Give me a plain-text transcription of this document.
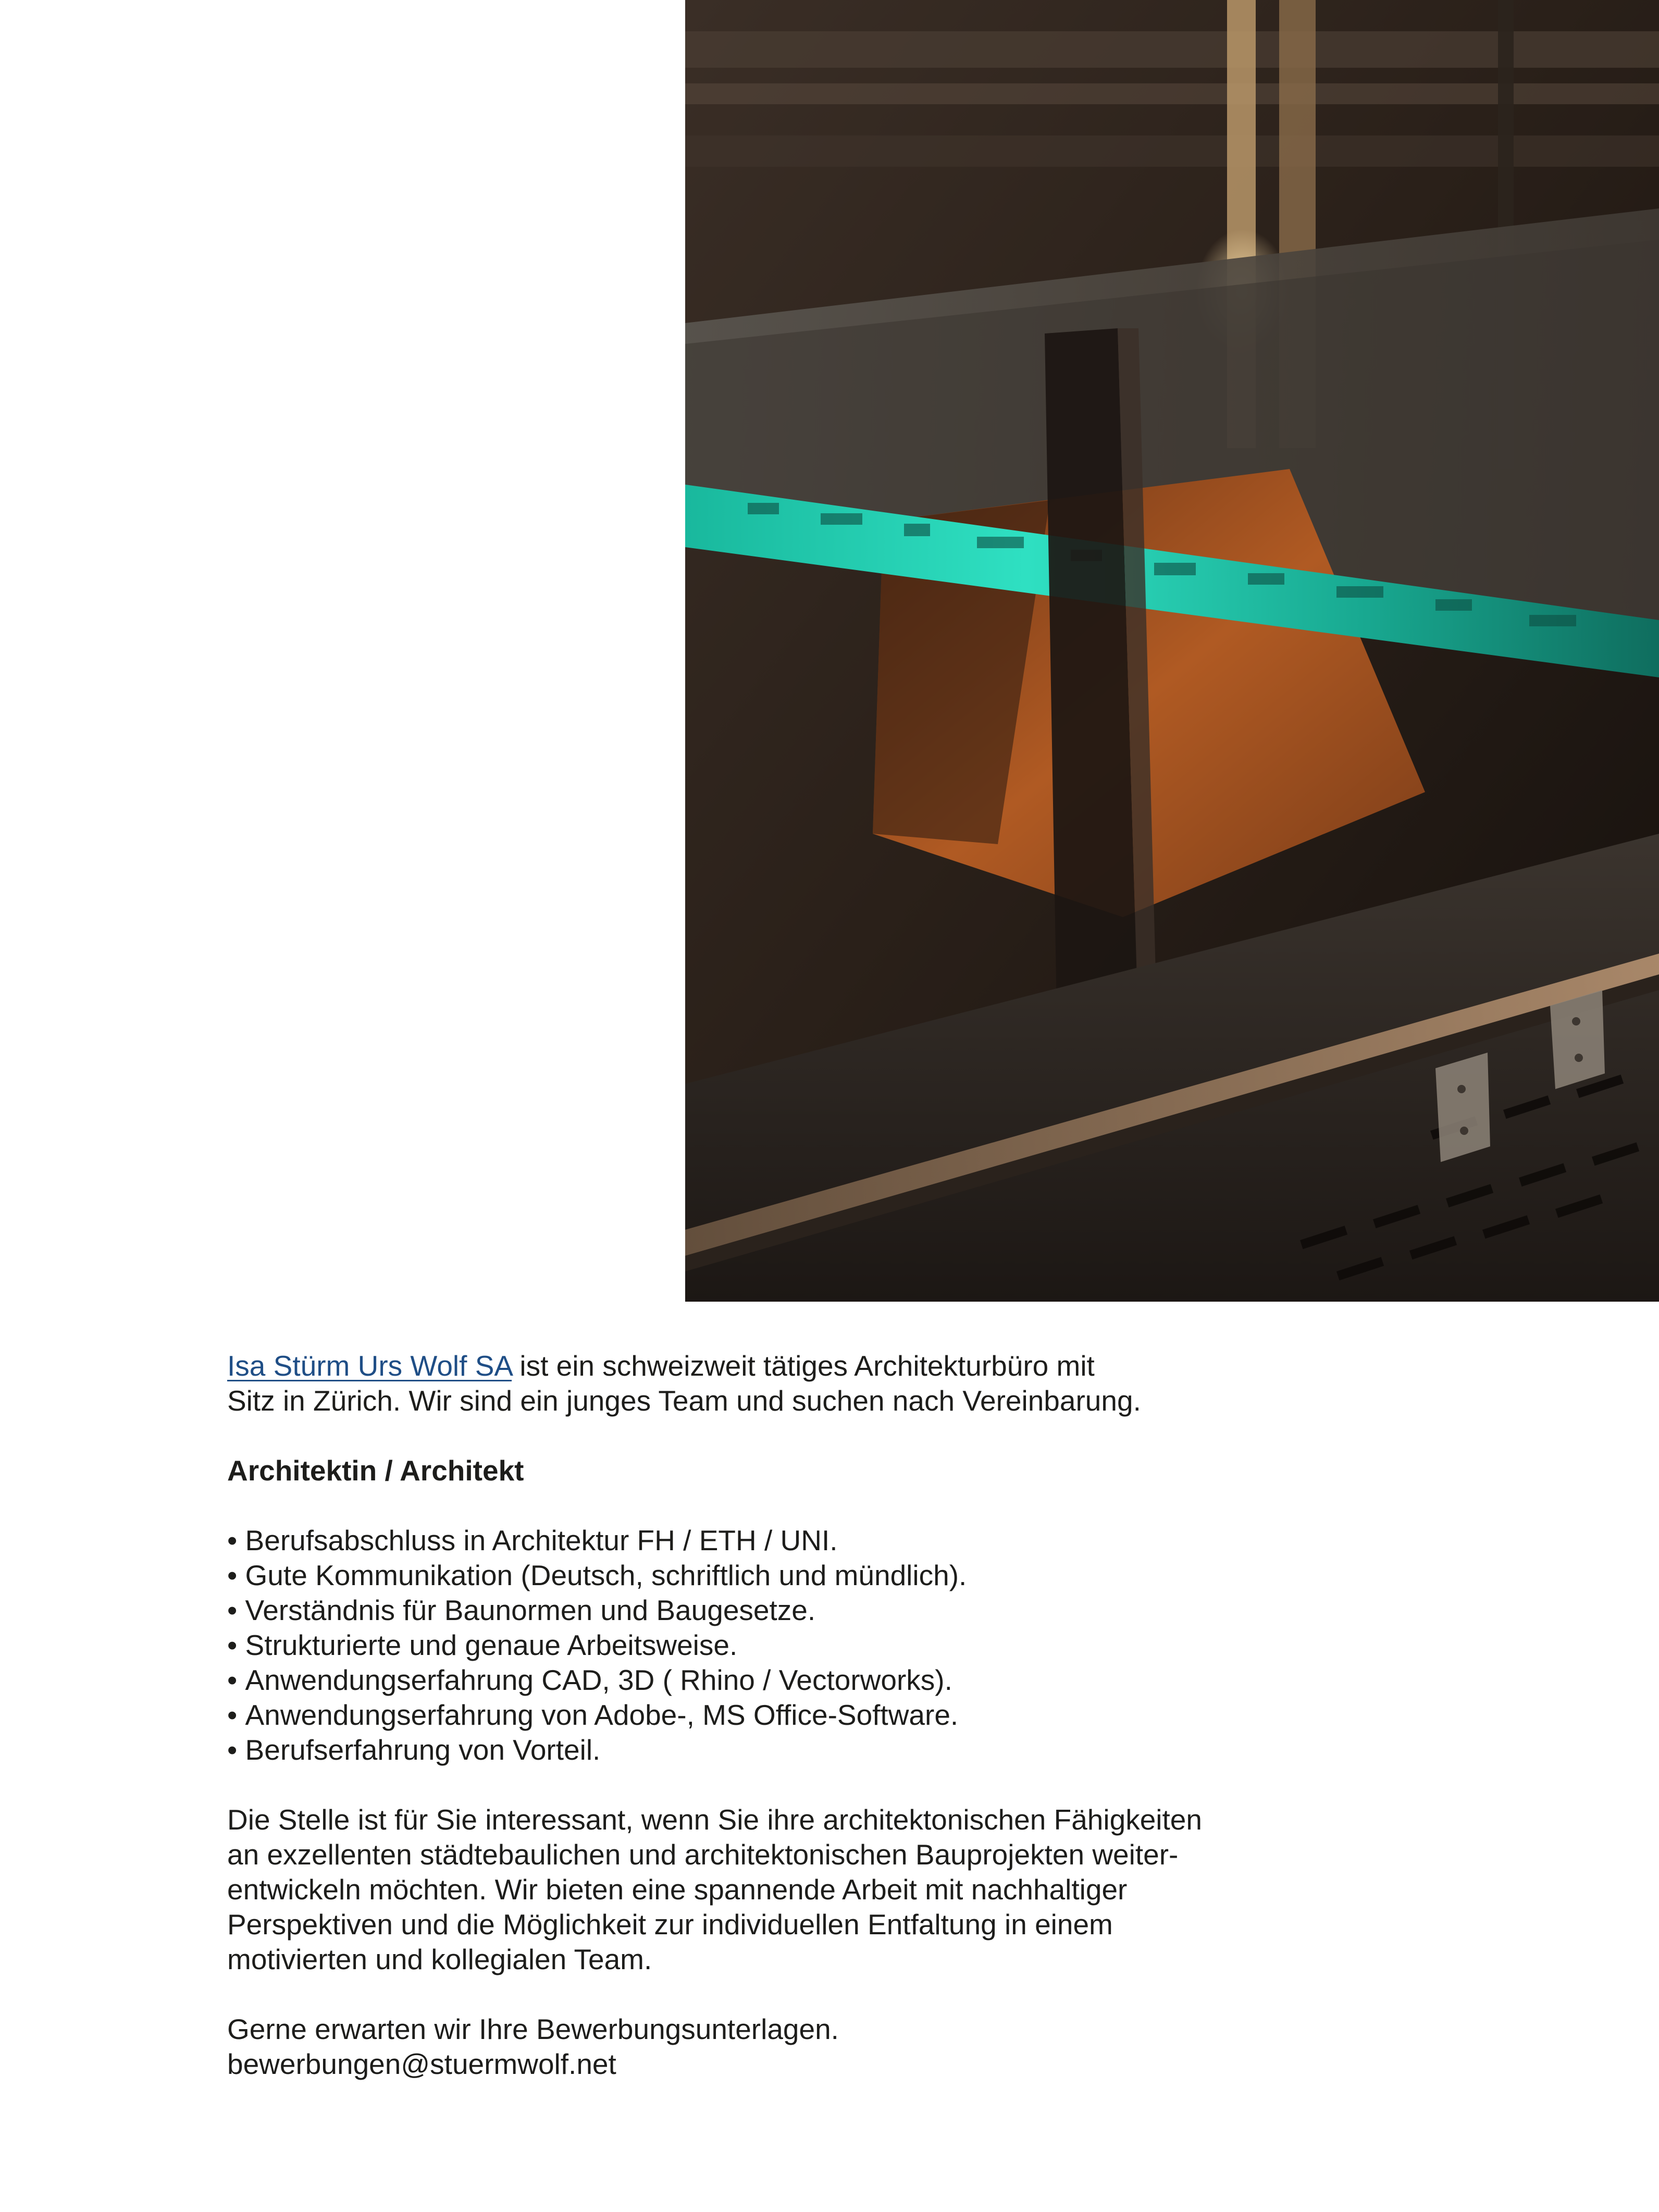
Isa Stürm Urs Wolf SA ist ein schweizweit tätiges Architekturbüro mit
Sitz in Zürich. Wir sind ein junges Team und suchen nach Vereinbarung.

Architektin / Architekt

• Berufsabschluss in Architektur FH / ETH / UNI.
• Gute Kommunikation (Deutsch, schriftlich und mündlich).
• Verständnis für Baunormen und Baugesetze.
• Strukturierte und genaue Arbeitsweise.
• Anwendungserfahrung CAD, 3D ( Rhino / Vectorworks).
• Anwendungserfahrung von Adobe-, MS Office-Software.
• Berufserfahrung von Vorteil.

Die Stelle ist für Sie interessant, wenn Sie ihre architektonischen Fähigkeiten
an exzellenten städtebaulichen und architektonischen Bauprojekten weiter-
entwickeln möchten. Wir bieten eine spannende Arbeit mit nachhaltiger
Perspektiven und die Möglichkeit zur individuellen Entfaltung in einem
motivierten und kollegialen Team.

Gerne erwarten wir Ihre Bewerbungsunterlagen.
bewerbungen@stuermwolf.net
